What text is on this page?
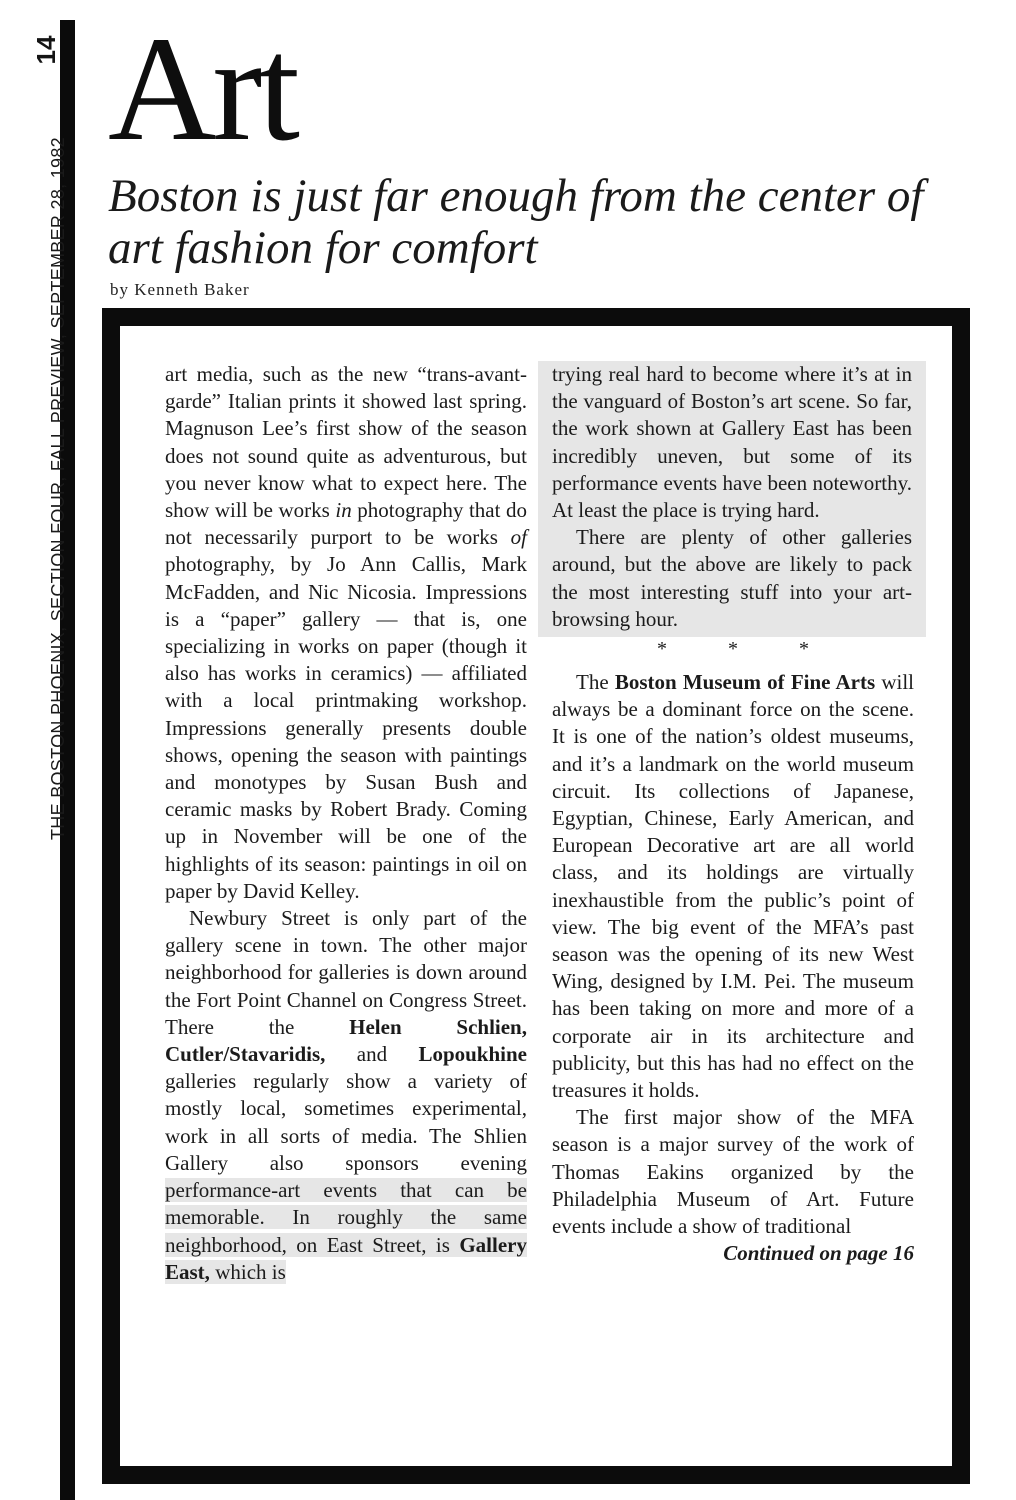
14
THE BOSTON PHOENIX, SECTION FOUR, FALL PREVIEW, SEPTEMBER 28, 1982
Art
Boston is just far enough from the center of art fashion for comfort
by Kenneth Baker

art media, such as the new “trans-avant-garde” Italian prints it showed last spring. Magnuson Lee’s first show of the season does not sound quite as adventurous, but you never know what to expect here. The show will be works in photography that do not necessarily purport to be works of photography, by Jo Ann Callis, Mark McFadden, and Nic Nicosia. Impressions is a “paper” gallery — that is, one specializing in works on paper (though it also has works in ceramics) — affiliated with a local printmaking workshop. Impressions generally presents double shows, opening the season with paintings and monotypes by Susan Bush and ceramic masks by Robert Brady. Coming up in November will be one of the highlights of its season: paintings in oil on paper by David Kelley.

Newbury Street is only part of the gallery scene in town. The other major neighborhood for galleries is down around the Fort Point Channel on Congress Street. There the Helen Schlien, Cutler/Stavaridis, and Lopoukhine galleries regularly show a variety of mostly local, sometimes experimental, work in all sorts of media. The Shlien Gallery also sponsors evening performance-art events that can be memorable. In roughly the same neighborhood, on East Street, is Gallery East, which is

trying real hard to become where it’s at in the vanguard of Boston’s art scene. So far, the work shown at Gallery East has been incredibly uneven, but some of its performance events have been noteworthy. At least the place is trying hard.

There are plenty of other galleries around, but the above are likely to pack the most interesting stuff into your art-browsing hour.

* * *

The Boston Museum of Fine Arts will always be a dominant force on the scene. It is one of the nation’s oldest museums, and it’s a landmark on the world museum circuit. Its collections of Japanese, Egyptian, Chinese, Early American, and European Decorative art are all world class, and its holdings are virtually inexhaustible from the public’s point of view. The big event of the MFA’s past season was the opening of its new West Wing, designed by I.M. Pei. The museum has been taking on more and more of a corporate air in its architecture and publicity, but this has had no effect on the treasures it holds.

The first major show of the MFA season is a major survey of the work of Thomas Eakins organized by the Philadelphia Museum of Art. Future events include a show of traditional

Continued on page 16
